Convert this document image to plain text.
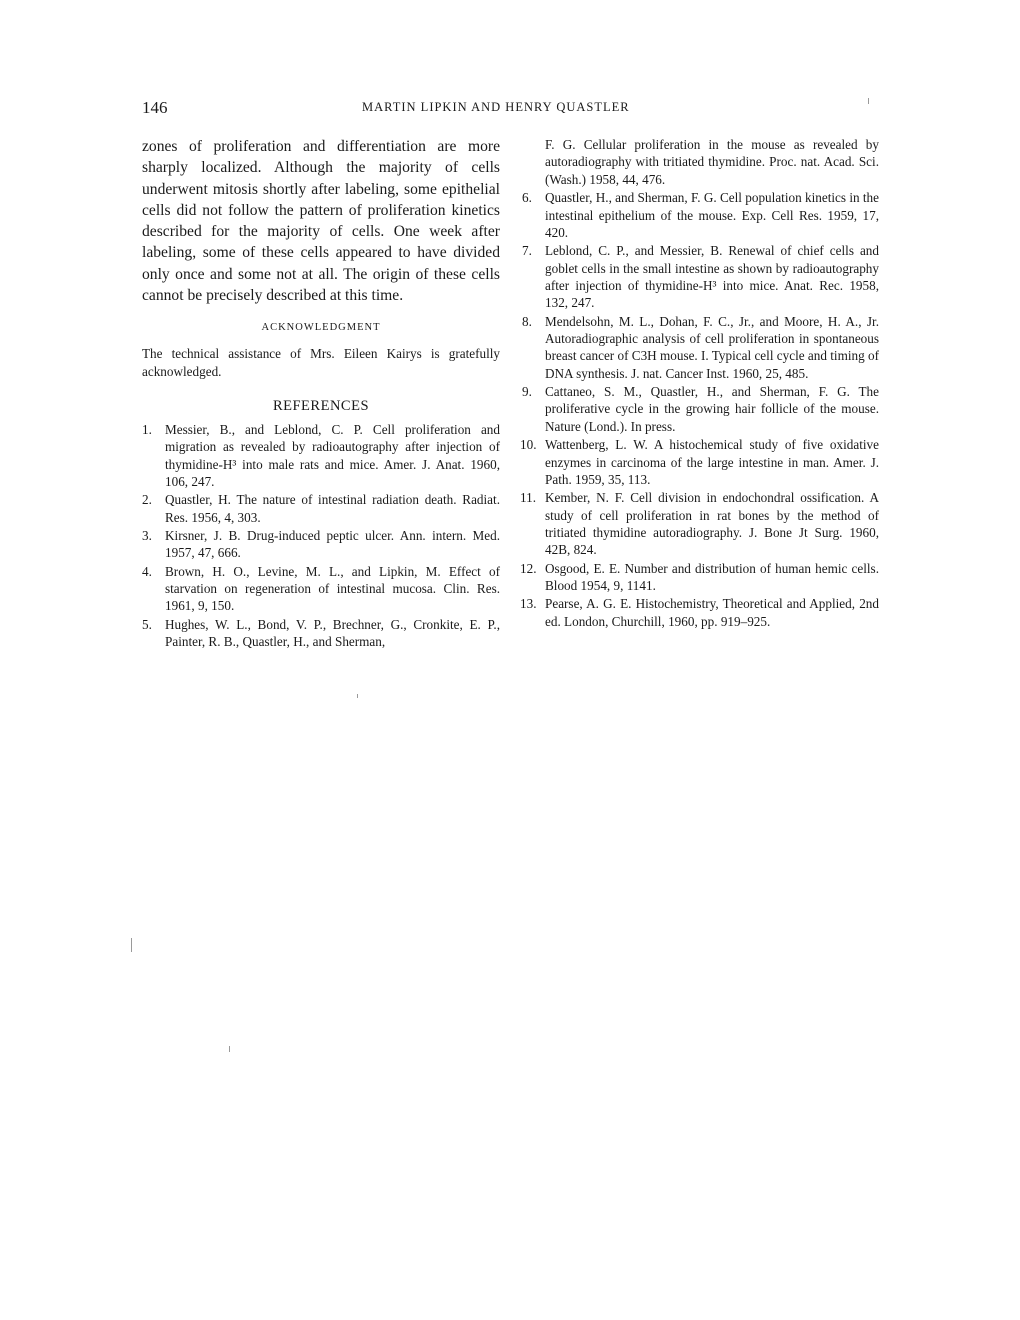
146	MARTIN LIPKIN AND HENRY QUASTLER

zones of proliferation and differentiation are more sharply localized. Although the majority of cells underwent mitosis shortly after labeling, some epithelial cells did not follow the pattern of proliferation kinetics described for the majority of cells. One week after labeling, some of these cells appeared to have divided only once and some not at all. The origin of these cells cannot be precisely described at this time.

ACKNOWLEDGMENT

The technical assistance of Mrs. Eileen Kairys is gratefully acknowledged.

REFERENCES
1. Messier, B., and Leblond, C. P. Cell proliferation and migration as revealed by radioautography after injection of thymidine-H³ into male rats and mice. Amer. J. Anat. 1960, 106, 247.
2. Quastler, H. The nature of intestinal radiation death. Radiat. Res. 1956, 4, 303.
3. Kirsner, J. B. Drug-induced peptic ulcer. Ann. intern. Med. 1957, 47, 666.
4. Brown, H. O., Levine, M. L., and Lipkin, M. Effect of starvation on regeneration of intestinal mucosa. Clin. Res. 1961, 9, 150.
5. Hughes, W. L., Bond, V. P., Brechner, G., Cronkite, E. P., Painter, R. B., Quastler, H., and Sherman,

F. G. Cellular proliferation in the mouse as revealed by autoradiography with tritiated thymidine. Proc. nat. Acad. Sci. (Wash.) 1958, 44, 476.

6. Quastler, H., and Sherman, F. G. Cell population kinetics in the intestinal epithelium of the mouse. Exp. Cell Res. 1959, 17, 420.
7. Leblond, C. P., and Messier, B. Renewal of chief cells and goblet cells in the small intestine as shown by radioautography after injection of thymidine-H³ into mice. Anat. Rec. 1958, 132, 247.
8. Mendelsohn, M. L., Dohan, F. C., Jr., and Moore, H. A., Jr. Autoradiographic analysis of cell proliferation in spontaneous breast cancer of C3H mouse. I. Typical cell cycle and timing of DNA synthesis. J. nat. Cancer Inst. 1960, 25, 485.
9. Cattaneo, S. M., Quastler, H., and Sherman, F. G. The proliferative cycle in the growing hair follicle of the mouse. Nature (Lond.). In press.
10. Wattenberg, L. W. A histochemical study of five oxidative enzymes in carcinoma of the large intestine in man. Amer. J. Path. 1959, 35, 113.
11. Kember, N. F. Cell division in endochondral ossification. A study of cell proliferation in rat bones by the method of tritiated thymidine autoradiography. J. Bone Jt Surg. 1960, 42B, 824.
12. Osgood, E. E. Number and distribution of human hemic cells. Blood 1954, 9, 1141.
13. Pearse, A. G. E. Histochemistry, Theoretical and Applied, 2nd ed. London, Churchill, 1960, pp. 919–925.
